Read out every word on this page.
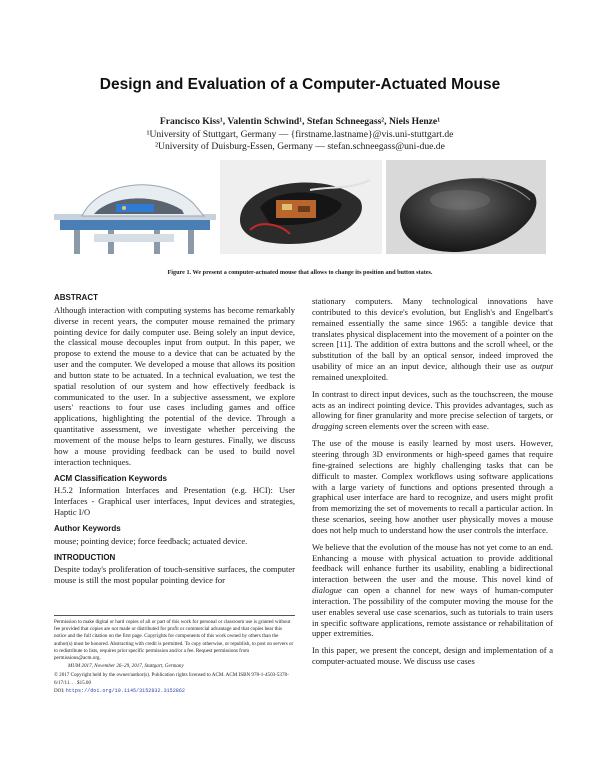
Design and Evaluation of a Computer-Actuated Mouse
Francisco Kiss¹, Valentin Schwind¹, Stefan Schneegass², Niels Henze¹
¹University of Stuttgart, Germany — {firstname.lastname}@vis.uni-stuttgart.de
²University of Duisburg-Essen, Germany — stefan.schneegass@uni-due.de
Figure 1. We present a computer-actuated mouse that allows to change its position and button states.
ABSTRACT

Although interaction with computing systems has become remarkably diverse in recent years, the computer mouse remained the primary pointing device for daily computer use. Being solely an input device, the classical mouse decouples input from output. In this paper, we propose to extend the mouse to a device that can be actuated by the user and the computer. We developed a mouse that allows its position and button state to be actuated. In a technical evaluation, we test the spatial resolution of our system and how effectively feedback is communicated to the user. In a subjective assessment, we explore users' reactions to four use cases including games and office applications, highlighting the potential of the device. Through a quantitative assessment, we investigate whether perceiving the movement of the mouse helps to learn gestures. Finally, we discuss how a mouse providing feedback can be used to build novel interaction techniques.

ACM Classification Keywords

H.5.2 Information Interfaces and Presentation (e.g. HCI): User Interfaces - Graphical user interfaces, Input devices and strategies, Haptic I/O

Author Keywords

mouse; pointing device; force feedback; actuated device.

INTRODUCTION

Despite today's proliferation of touch-sensitive surfaces, the computer mouse is still the most popular pointing device for

Permission to make digital or hard copies of all or part of this work for personal or classroom use is granted without fee provided that copies are not made or distributed for profit or commercial advantage and that copies bear this notice and the full citation on the first page. Copyrights for components of this work owned by others than the author(s) must be honored. Abstracting with credit is permitted. To copy otherwise, or republish, to post on servers or to redistribute to lists, requires prior specific permission and/or a fee. Request permissions from permissions@acm.org.

MUM 2017, November 26–29, 2017, Stuttgart, Germany

© 2017 Copyright held by the owner/author(s). Publication rights licensed to ACM. ACM ISBN 978-1-4503-5378-6/17/11. . . $15.00

DOI: https://doi.org/10.1145/3152832.3152862

stationary computers. Many technological innovations have contributed to this device's evolution, but English's and Engelbart's remained essentially the same since 1965: a tangible device that translates physical displacement into the movement of a pointer on the screen [11]. The addition of extra buttons and the scroll wheel, or the substitution of the ball by an optical sensor, indeed improved the usability of mice an an input device, although their use as output remained unexploited.

In contrast to direct input devices, such as the touchscreen, the mouse acts as an indirect pointing device. This provides advantages, such as allowing for finer granularity and more precise selection of targets, or dragging screen elements over the screen with ease.

The use of the mouse is easily learned by most users. However, steering through 3D environments or high-speed games that require fine-grained selections are highly challenging tasks that can be difficult to master. Complex workflows using software applications with a large variety of functions and options presented through a graphical user interface are hard to recognize, and users might profit from memorizing the set of movements to recall a particular action. In these scenarios, seeing how another user physically moves a mouse does not help much to understand how the user controls the interface.

We believe that the evolution of the mouse has not yet come to an end. Enhancing a mouse with physical actuation to provide additional feedback will enhance further its usability, enabling a bidirectional interaction between the user and the mouse. This novel kind of dialogue can open a channel for new ways of human-computer interaction. The possibility of the computer moving the mouse for the user enables several use case scenarios, such as tutorials to train users in specific software applications, remote assistance or rehabilitation of upper extremities.

In this paper, we present the concept, design and implementation of a computer-actuated mouse. We discuss use cases
